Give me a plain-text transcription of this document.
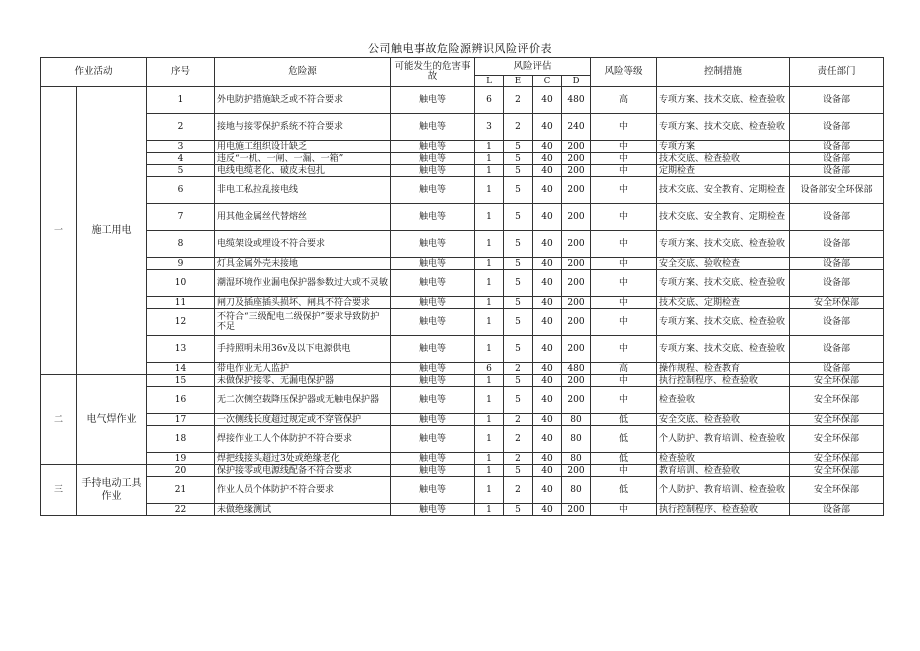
公司触电事故危险源辨识风险评价表
作业活动		序号	危险源	可能发生的危害事故	风险评估				风险等级	控制措施	责任部门
					L	E	C	D			
一	施工用电	1	外电防护措施缺乏或不符合要求	触电等	6	2	40	480	高	专项方案、技术交底、检查验收	设备部
		2	接地与接零保护系统不符合要求	触电等	3	2	40	240	中	专项方案、技术交底、检查验收	设备部
		3	用电施工组织设计缺乏	触电等	1	5	40	200	中	专项方案	设备部
		4	违反“一机、一闸、一漏、一箱”	触电等	1	5	40	200	中	技术交底、检查验收	设备部
		5	电线电缆老化、破皮未包扎	触电等	1	5	40	200	中	定期检查	设备部
		6	非电工私拉乱接电线	触电等	1	5	40	200	中	技术交底、安全教育、定期检查	设备部安全环保部
		7	用其他金属丝代替熔丝	触电等	1	5	40	200	中	技术交底、安全教育、定期检查	设备部
		8	电缆架设或埋设不符合要求	触电等	1	5	40	200	中	专项方案、技术交底、检查验收	设备部
		9	灯具金属外壳未接地	触电等	1	5	40	200	中	安全交底、验收检查	设备部
		10	潮湿环境作业漏电保护器参数过大或不灵敏	触电等	1	5	40	200	中	专项方案、技术交底、检查验收	设备部
		11	闸刀及插座插头损坏、闸具不符合要求	触电等	1	5	40	200	中	技术交底、定期检查	安全环保部
		12	不符合“三级配电二级保护”要求导致防护不足	触电等	1	5	40	200	中	专项方案、技术交底、检查验收	设备部
		13	手持照明未用36v及以下电源供电	触电等	1	5	40	200	中	专项方案、技术交底、检查验收	设备部
		14	带电作业无人监护	触电等	6	2	40	480	高	操作规程、检查教育	设备部
二	电气焊作业	15	未做保护接零、无漏电保护器	触电等	1	5	40	200	中	执行控制程序、检查验收	安全环保部
		16	无二次侧空载降压保护器或无触电保护器	触电等	1	5	40	200	中	检查验收	安全环保部
		17	一次侧线长度超过规定或不穿管保护	触电等	1	2	40	80	低	安全交底、检查验收	安全环保部
		18	焊接作业工人个体防护不符合要求	触电等	1	2	40	80	低	个人防护、教育培训、检查验收	安全环保部
		19	焊把线接头超过3处或绝缘老化	触电等	1	2	40	80	低	检查验收	安全环保部
三	手持电动工具作业	20	保护接零或电源线配备不符合要求	触电等	1	5	40	200	中	教育培训、检查验收	安全环保部
		21	作业人员个体防护不符合要求	触电等	1	2	40	80	低	个人防护、教育培训、检查验收	安全环保部
		22	未做绝缘测试	触电等	1	5	40	200	中	执行控制程序、检查验收	设备部
